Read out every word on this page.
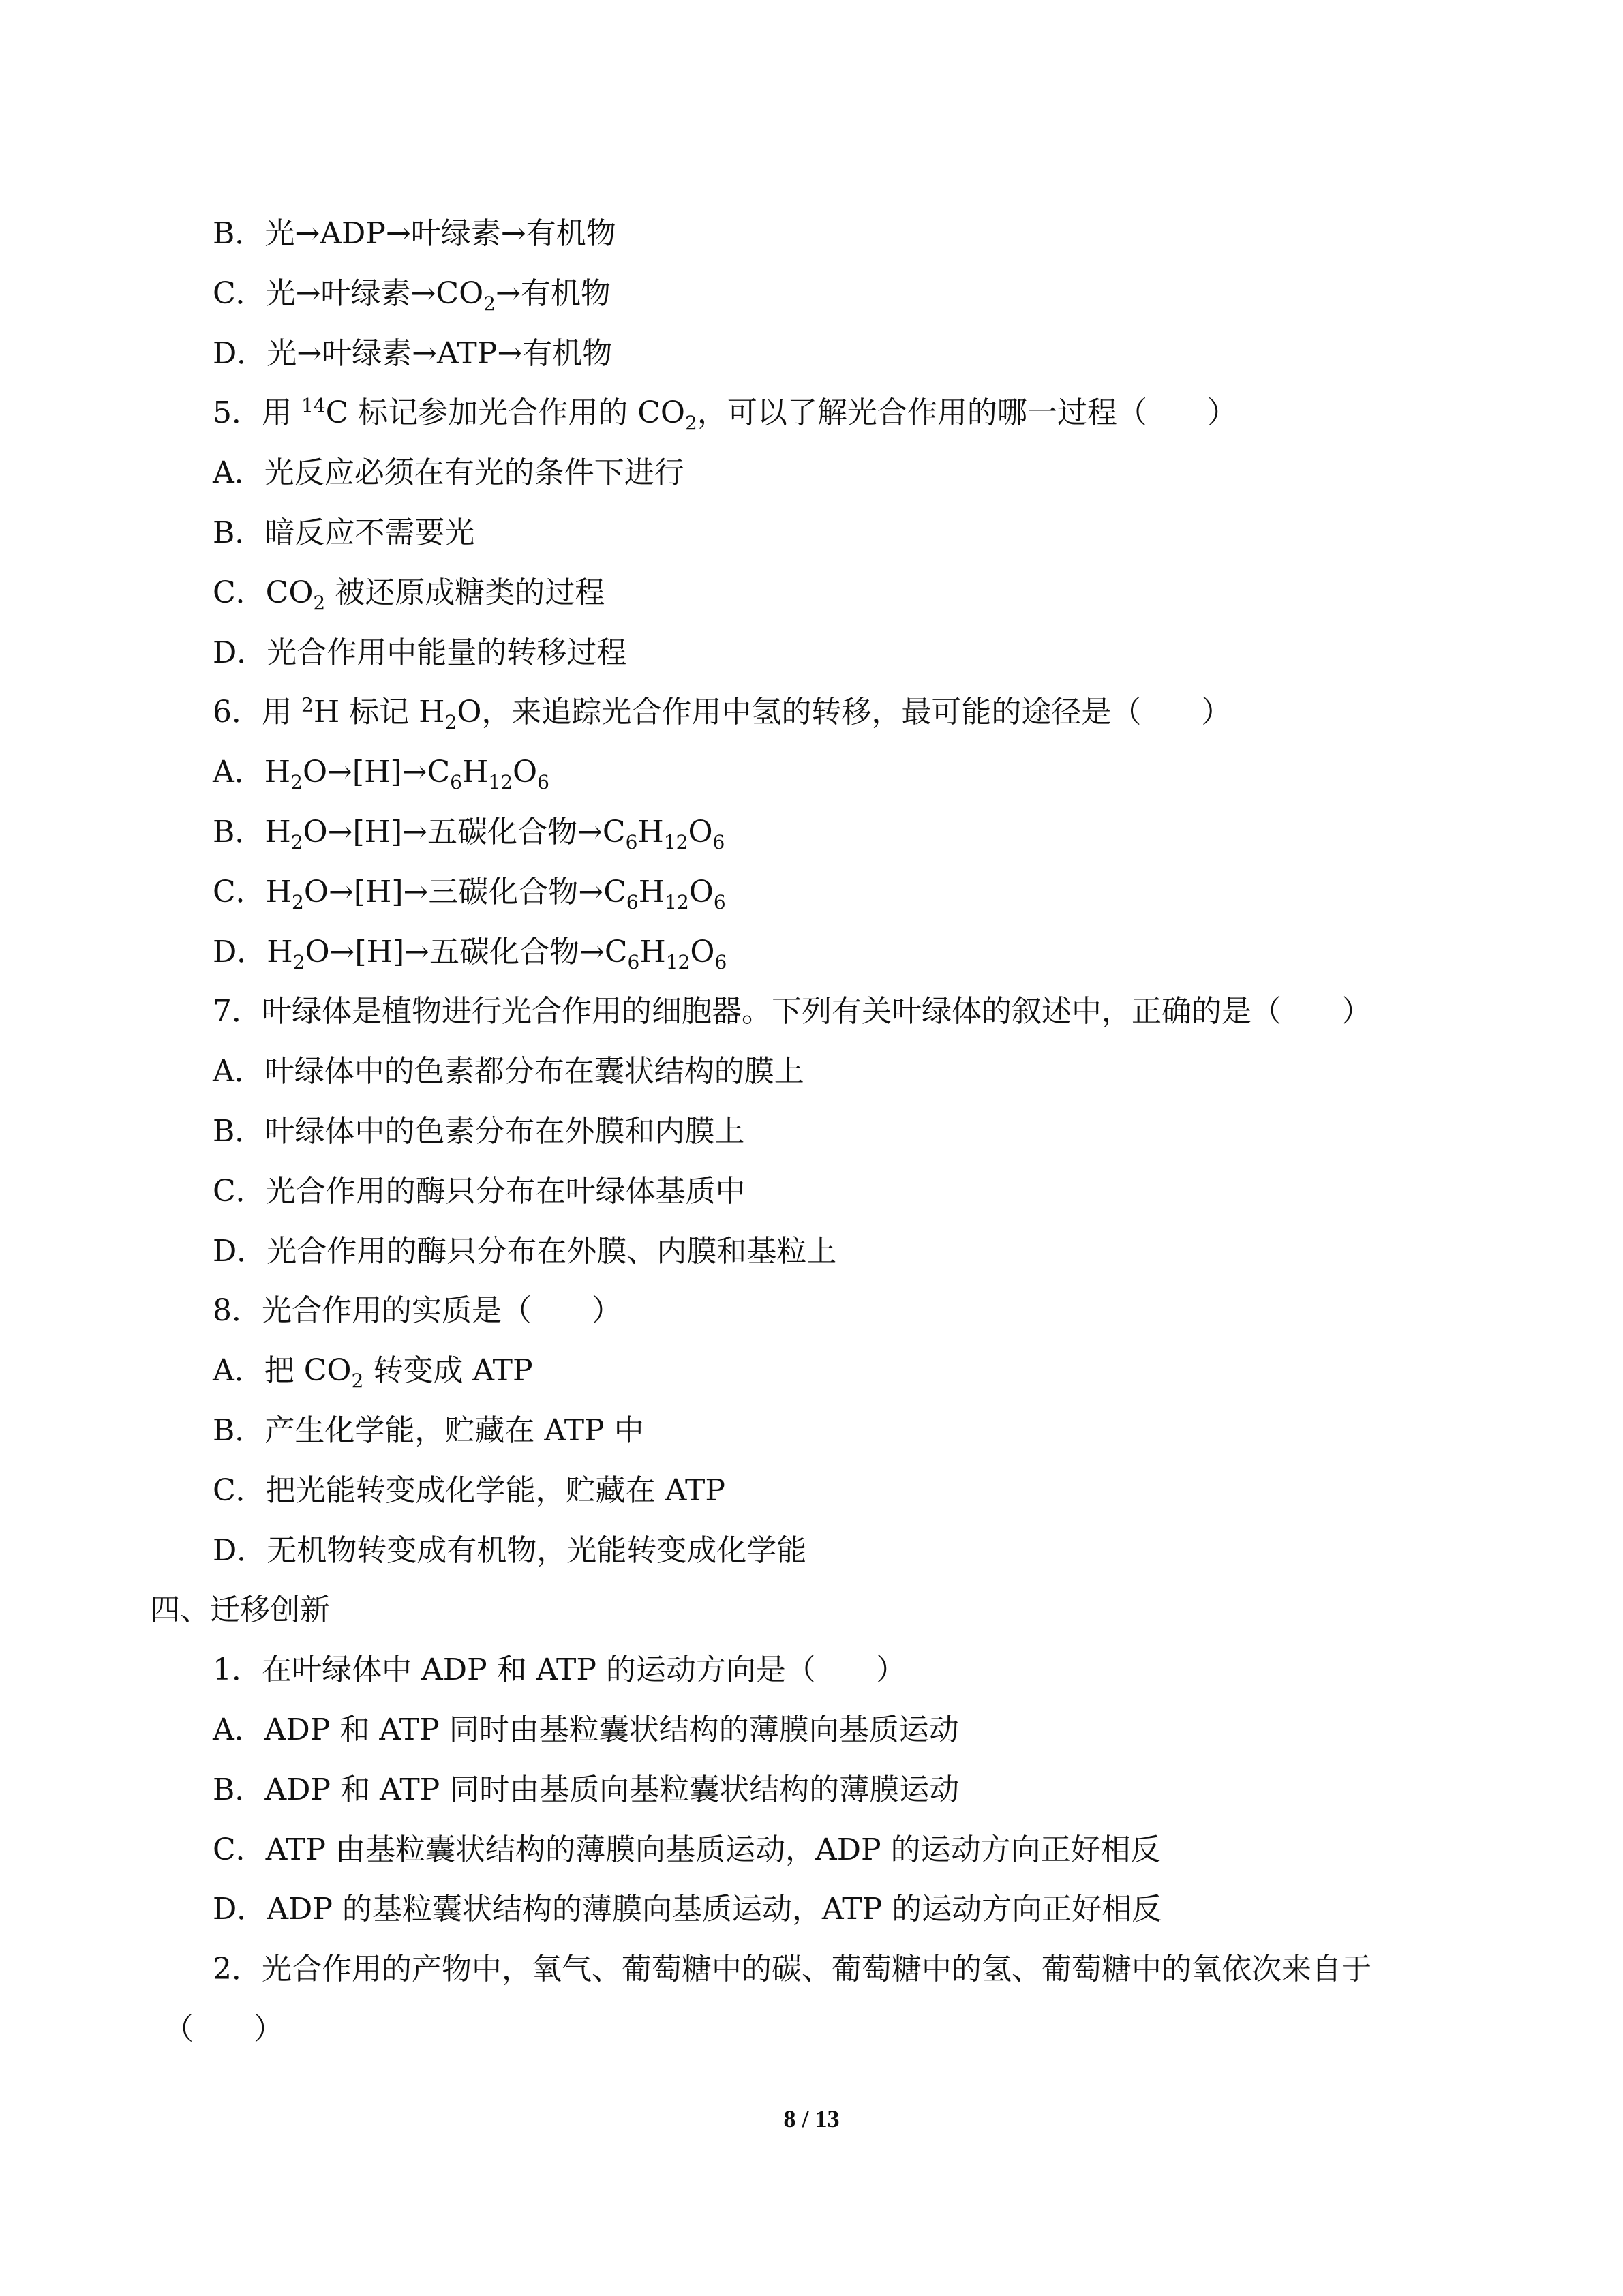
B．光→ADP→叶绿素→有机物
C．光→叶绿素$\to CO_2\to$有机物
D．光→叶绿素→ATP→有机物
5．用 $^{14}$C 标记参加光合作用的 $CO_2$，可以了解光合作用的哪一过程（　　）
A．光反应必须在有光的条件下进行
B．暗反应不需要光
C．$CO_2$ 被还原成糖类的过程
D．光合作用中能量的转移过程
6．用 $^2$H 标记 $H_2O$，来追踪光合作用中氢的转移，最可能的途径是（　　）
A．$H_2O\to[H]\to C_6H_{12}O_6$
B．$H_2O\to[H]\to$五碳化合物$\to C_6H_{12}O_6$
C．$H_2O\to[H]\to$三碳化合物$\to C_6H_{12}O_6$
D．$H_2O\to[H]\to$五碳化合物$\to C_6H_{12}O_6$
7．叶绿体是植物进行光合作用的细胞器。下列有关叶绿体的叙述中，正确的是（　　）
A．叶绿体中的色素都分布在囊状结构的膜上
B．叶绿体中的色素分布在外膜和内膜上
C．光合作用的酶只分布在叶绿体基质中
D．光合作用的酶只分布在外膜、内膜和基粒上
8．光合作用的实质是（　　）
A．把 $CO_2$ 转变成 ATP
B．产生化学能，贮藏在 ATP 中
C．把光能转变成化学能，贮藏在 ATP
D．无机物转变成有机物，光能转变成化学能
四、迁移创新
1．在叶绿体中 ADP 和 ATP 的运动方向是（　　）
A．ADP 和 ATP 同时由基粒囊状结构的薄膜向基质运动
B．ADP 和 ATP 同时由基质向基粒囊状结构的薄膜运动
C．ATP 由基粒囊状结构的薄膜向基质运动，ADP 的运动方向正好相反
D．ADP 的基粒囊状结构的薄膜向基质运动，ATP 的运动方向正好相反
2．光合作用的产物中，氧气、葡萄糖中的碳、葡萄糖中的氢、葡萄糖中的氧依次来自于
（　　）
8 / 13
